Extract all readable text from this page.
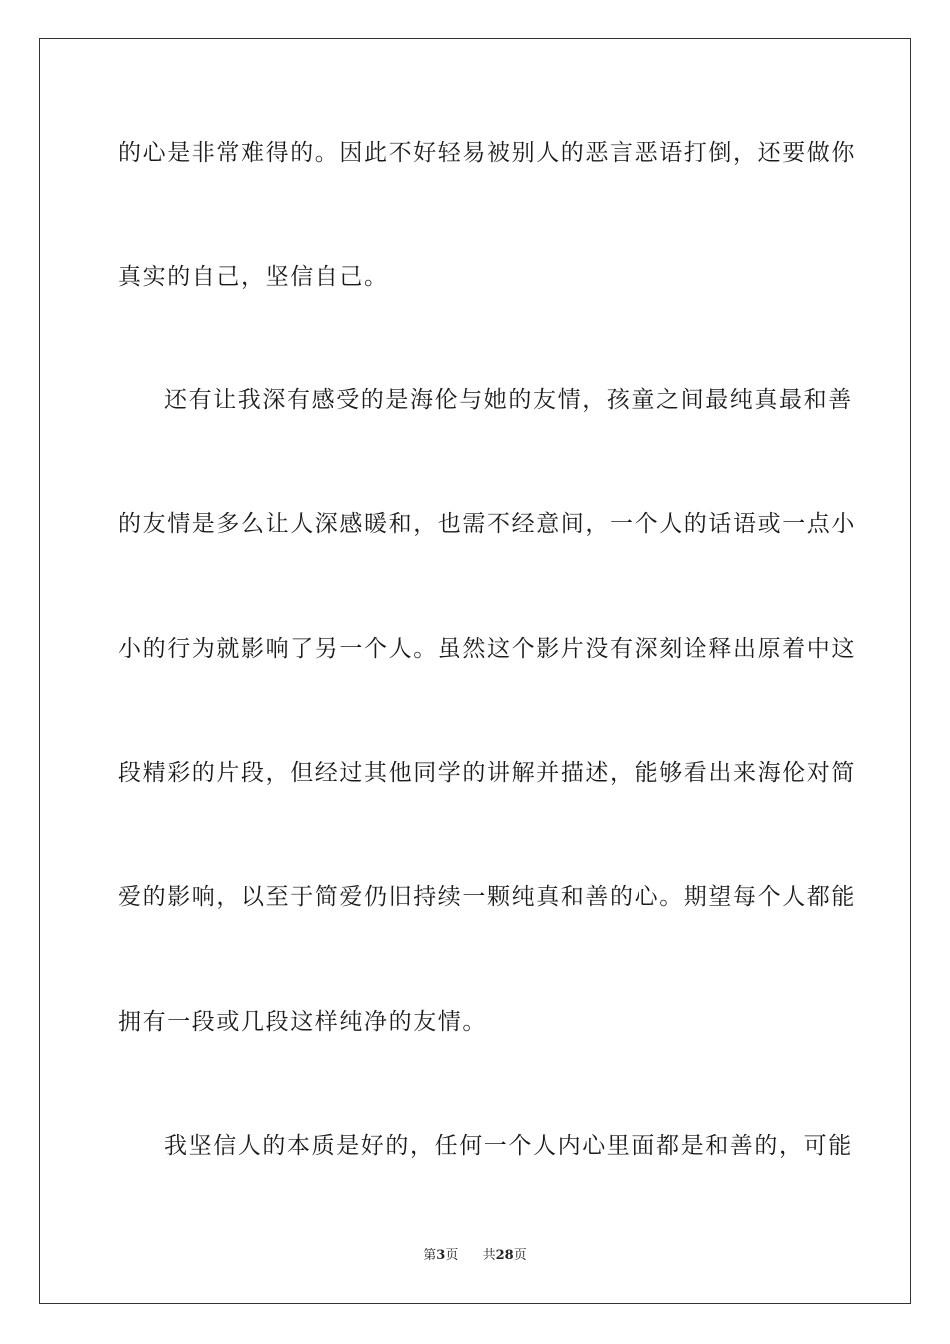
的心是非常难得的。因此不好轻易被别人的恶言恶语打倒，还要做你

真实的自己，坚信自己。

还有让我深有感受的是海伦与她的友情，孩童之间最纯真最和善

的友情是多么让人深感暖和，也需不经意间，一个人的话语或一点小

小的行为就影响了另一个人。虽然这个影片没有深刻诠释出原着中这

段精彩的片段，但经过其他同学的讲解并描述，能够看出来海伦对简

爱的影响，以至于简爱仍旧持续一颗纯真和善的心。期望每个人都能

拥有一段或几段这样纯净的友情。

我坚信人的本质是好的，任何一个人内心里面都是和善的，可能

第3页 共28页
